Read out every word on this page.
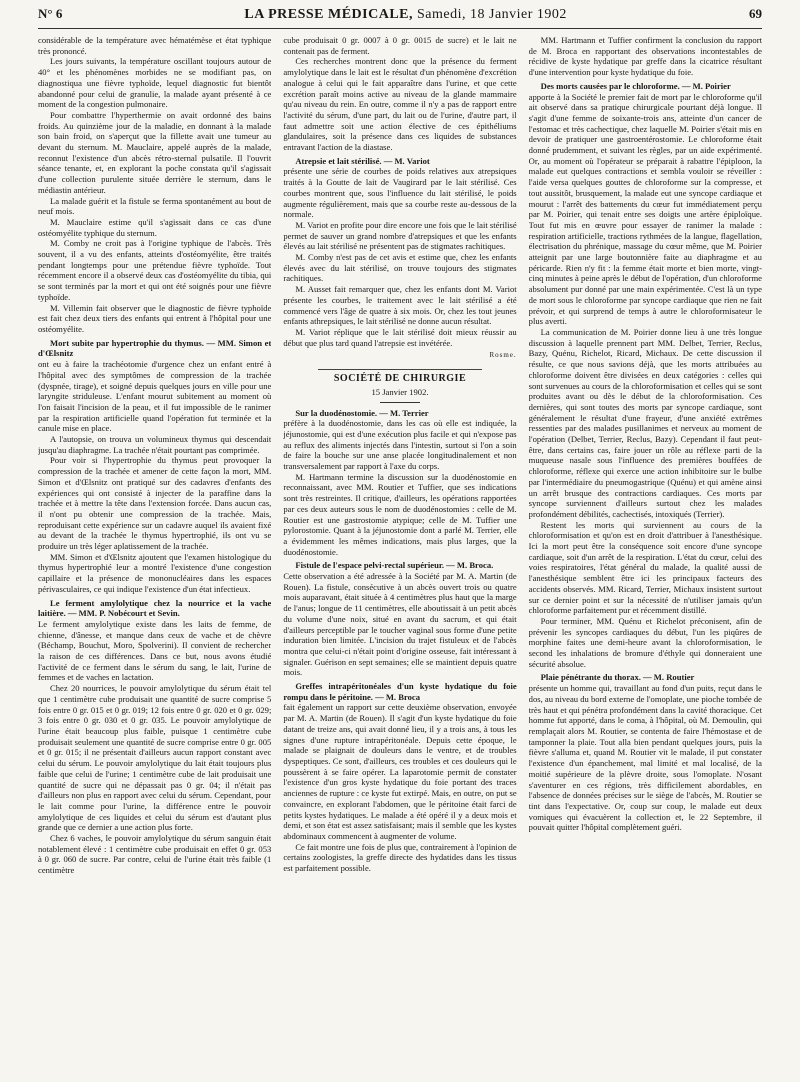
N° 6	LA PRESSE MÉDICALE, Samedi, 18 Janvier 1902	69

considérable de la température avec hématémèse et état typhique très prononcé.

Les jours suivants, la température oscillant toujours autour de 40° et les phénomènes morbides ne se modifiant pas, on diagnostiqua une fièvre typhoïde, lequel diagnostic fut bientôt abandonné pour celui de granulie, la malade ayant présenté à ce moment de la congestion pulmonaire.

Pour combattre l'hyperthermie on avait ordonné des bains froids. Au quinzième jour de la maladie, en donnant à la malade son bain froid, on s'aperçut que la fillette avait une tumeur au devant du sternum. M. Mauclaire, appelé auprès de la malade, reconnut l'existence d'un abcès rétro-sternal pulsatile. Il l'ouvrit séance tenante, et, en explorant la poche constata qu'il s'agissait d'une collection purulente située derrière le sternum, dans le médiastin antérieur.

La malade guérit et la fistule se ferma spontanément au bout de neuf mois.

M. Mauclaire estime qu'il s'agissait dans ce cas d'une ostéomyélite typhique du sternum.

M. Comby ne croit pas à l'origine typhique de l'abcès. Très souvent, il a vu des enfants, atteints d'ostéomyélite, être traités pendant longtemps pour une prétendue fièvre typhoïde. Tout récemment encore il a observé deux cas d'ostéomyélite du tibia, qui se sont terminés par la mort et qui ont été soignés pour une fièvre typhoïde.

M. Villemin fait observer que le diagnostic de fièvre typhoïde est fait chez deux tiers des enfants qui entrent à l'hôpital pour une ostéomyélite.

Mort subite par hypertrophie du thymus. — MM. Simon et d'Œlsnitz

ont eu à faire la trachéotomie d'urgence chez un enfant entré à l'hôpital avec des symptômes de compression de la trachée (dyspnée, tirage), et soigné depuis quelques jours en ville pour une laryngite striduleuse. L'enfant mourut subitement au moment où l'on faisait l'incision de la peau, et il fut impossible de le ranimer par la respiration artificielle quand l'opération fut terminée et la canule mise en place.

A l'autopsie, on trouva un volumineux thymus qui descendait jusqu'au diaphragme. La trachée n'était pourtant pas comprimée.

Pour voir si l'hypertrophie du thymus peut provoquer la compression de la trachée et amener de cette façon la mort, MM. Simon et d'Œlsnitz ont pratiqué sur des cadavres d'enfants des expériences qui ont consisté à injecter de la paraffine dans la trachée et à mettre la tête dans l'extension forcée. Dans aucun cas, il n'ont pu obtenir une compression de la trachée. Mais, reproduisant cette expérience sur un cadavre auquel ils avaient fixé au devant de la trachée le thymus hypertrophié, ils ont vu se produire un très léger aplatissement de la trachée.

MM. Simon et d'Œlsnitz ajoutent que l'examen histologique du thymus hypertrophié leur a montré l'existence d'une congestion capillaire et la présence de mononucléaires dans les espaces périvasculaires, ce qui indique l'existence d'un état infectieux.

Le ferment amylolytique chez la nourrice et la vache laitière. — MM. P. Nobécourt et Sevin.

Le ferment amylolytique existe dans les laits de femme, de chienne, d'ânesse, et manque dans ceux de vache et de chèvre (Béchamp, Bouchut, Moro, Spolverini). Il convient de rechercher la raison de ces différences. Dans ce but, nous avons étudié l'activité de ce ferment dans le sérum du sang, le lait, l'urine de femmes et de vaches en lactation.

Chez 20 nourrices, le pouvoir amylolytique du sérum était tel que 1 centimètre cube produisait une quantité de sucre comprise 5 fois entre 0 gr. 015 et 0 gr. 019; 12 fois entre 0 gr. 020 et 0 gr. 029; 3 fois entre 0 gr. 030 et 0 gr. 035. Le pouvoir amylolytique de l'urine était beaucoup plus faible, puisque 1 centimètre cube produisait seulement une quantité de sucre comprise entre 0 gr. 005 et 0 gr. 015; il ne présentait d'ailleurs aucun rapport constant avec celui du sérum. Le pouvoir amylolytique du lait était toujours plus faible que celui de l'urine; 1 centimètre cube de lait produisait une quantité de sucre qui ne dépassait pas 0 gr. 04; il n'était pas d'ailleurs non plus en rapport avec celui du sérum. Cependant, pour le lait comme pour l'urine, la différence entre le pouvoir amylolytique de ces liquides et celui du sérum est d'autant plus grande que ce dernier a une action plus forte.

Chez 6 vaches, le pouvoir amylolytique du sérum sanguin était notablement élevé : 1 centimètre cube produisait en effet 0 gr. 053 à 0 gr. 060 de sucre. Par contre, celui de l'urine était très faible (1 centimètre

cube produisait 0 gr. 0007 à 0 gr. 0015 de sucre) et le lait ne contenait pas de ferment.

Ces recherches montrent donc que la présence du ferment amylolytique dans le lait est le résultat d'un phénomène d'excrétion analogue à celui qui le fait apparaître dans l'urine, et que cette excrétion paraît moins active au niveau de la glande mammaire qu'au niveau du rein. En outre, comme il n'y a pas de rapport entre l'activité du sérum, d'une part, du lait ou de l'urine, d'autre part, il faut admettre soit une action élective de ces épithéliums glandulaires, soit la présence dans ces liquides de substances entravant l'action de la diastase.

Atrepsie et lait stérilisé. — M. Variot

présente une série de courbes de poids relatives aux atrepsiques traités à la Goutte de lait de Vaugirard par le lait stérilisé. Ces courbes montrent que, sous l'influence du lait stérilisé, le poids augmente régulièrement, mais que sa courbe reste au-dessous de la normale.

M. Variot en profite pour dire encore une fois que le lait stérilisé permet de sauver un grand nombre d'atrepsiques et que les enfants élevés au lait stérilisé ne présentent pas de stigmates rachitiques.

M. Comby n'est pas de cet avis et estime que, chez les enfants élevés avec du lait stérilisé, on trouve toujours des stigmates rachitiques.

M. Ausset fait remarquer que, chez les enfants dont M. Variot présente les courbes, le traitement avec le lait stérilisé a été commencé vers l'âge de quatre à six mois. Or, chez les tout jeunes enfants athrepsiques, le lait stérilisé ne donne aucun résultat.

M. Variot réplique que le lait stérilisé doit mieux réussir au début que plus tard quand l'atrepsie est invétérée.

Rosme.
SOCIÉTÉ DE CHIRURGIE
15 Janvier 1902.
Sur la duodénostomie. — M. Terrier

préfère à la duodénostomie, dans les cas où elle est indiquée, la jéjunostomie, qui est d'une exécution plus facile et qui n'expose pas au reflux des aliments injectés dans l'intestin, surtout si l'on a soin de faire la bouche sur une anse placée longitudinalement et non transversalement par rapport à l'axe du corps.

M. Hartmann termine la discussion sur la duodénostomie en reconnaissant, avec MM. Routier et Tuffier, que ses indications sont très restreintes. Il critique, d'ailleurs, les opérations rapportées par ces deux auteurs sous le nom de duodénostomies : celle de M. Routier est une gastrostomie atypique; celle de M. Tuffier une pylorostomie. Quant à la jéjunostomie dont a parlé M. Terrier, elle a évidemment les mêmes indications, mais plus larges, que la duodénostomie.

Fistule de l'espace pelvi-rectal supérieur. — M. Brocа.

Cette observation a été adressée à la Société par M. A. Martin (de Rouen). La fistule, consécutive à un abcès ouvert trois ou quatre mois auparavant, était située à 4 centimètres plus haut que la marge de l'anus; longue de 11 centimètres, elle aboutissait à un petit abcès du volume d'une noix, situé en avant du sacrum, et qui était d'ailleurs perceptible par le toucher vaginal sous forme d'une petite induration bien limitée. L'incision du trajet fistuleux et de l'abcès montra que celui-ci n'était point d'origine osseuse, fait intéressant à signaler. Guérison en sept semaines; elle se maintient depuis quatre mois.

Greffes intrapéritonéales d'un kyste hydatique du foie rompu dans le péritoine. — M. Broca

fait également un rapport sur cette deuxième observation, envoyée par M. A. Martin (de Rouen). Il s'agit d'un kyste hydatique du foie datant de treize ans, qui avait donné lieu, il y a trois ans, à tous les signes d'une rupture intrapéritonéale. Depuis cette époque, le malade se plaignait de douleurs dans le ventre, et de troubles dyspeptiques. Ce sont, d'ailleurs, ces troubles et ces douleurs qui le poussèrent à se faire opérer. La laparotomie permit de constater l'existence d'un gros kyste hydatique du foie portant des traces anciennes de rupture : ce kyste fut extirpé. Mais, en outre, on put se convaincre, en explorant l'abdomen, que le péritoine était farci de petits kystes hydatiques. Le malade a été opéré il y a deux mois et demi, et son état est assez satisfaisant; mais il semble que les kystes abdominaux commencent à augmenter de volume.

Ce fait montre une fois de plus que, contrairement à l'opinion de certains zoologistes, la greffe directe des hydatides dans les tissus est parfaitement possible.

MM. Hartmann et Tuffier confirment la conclusion du rapport de M. Broca en rapportant des observations incontestables de récidive de kyste hydatique par greffe dans la cicatrice résultant d'une intervention pour kyste hydatique du foie.

Des morts causées par le chloroforme. — M. Poirier

apporte à la Société le premier fait de mort par le chloroforme qu'il ait observé dans sa pratique chirurgicale pourtant déjà longue. Il s'agit d'une femme de soixante-trois ans, atteinte d'un cancer de l'estomac et très cachectique, chez laquelle M. Poirier s'était mis en devoir de pratiquer une gastroentérostomie. Le chloroforme était donné prudemment, et suivant les règles, par un aide expérimenté. Or, au moment où l'opérateur se préparait à rabattre l'épiploon, la malade eut quelques contractions et sembla vouloir se réveiller : l'aide versa quelques gouttes de chloroforme sur la compresse, et tout aussitôt, brusquement, la malade eut une syncope cardiaque et mourut : l'arrêt des battements du cœur fut immédiatement perçu par M. Poirier, qui tenait entre ses doigts une artère épiploïque. Tout fut mis en œuvre pour essayer de ranimer la malade : respiration artificielle, tractions rythmées de la langue, flagellation, électrisation du phrénique, massage du cœur même, que M. Poirier atteignit par une large boutonnière faite au diaphragme et au péricarde. Rien n'y fit : la femme était morte et bien morte, vingt-cinq minutes à peine après le début de l'opération, d'un chloroforme absolument pur donné par une main expérimentée. C'est là un type de mort sous le chloroforme par syncope cardiaque que rien ne fait prévoir, et qui surprend de temps à autre le chloroformisateur le plus averti.

La communication de M. Poirier donne lieu à une très longue discussion à laquelle prennent part MM. Delbet, Terrier, Reclus, Bazy, Quénu, Richelot, Ricard, Michaux. De cette discussion il résulte, ce que nous savions déjà, que les morts attribuées au chloroforme doivent être divisées en deux catégories : celles qui sont survenues au cours de la chloroformisation et celles qui se sont produites avant ou dès le début de la chloroformisation. Ces dernières, qui sont toutes des morts par syncope cardiaque, sont généralement le résultat d'une frayeur, d'une anxiété extrêmes ressenties par des malades pusillanimes et nerveux au moment de l'opération (Delbet, Terrier, Reclus, Bazy). Cependant il faut peut-être, dans certains cas, faire jouer un rôle au réflexe parti de la muqueuse nasale sous l'influence des premières bouffées de chloroforme, réflexe qui exerce une action inhibitoire sur le bulbe par l'intermédiaire du pneumogastrique (Quénu) et qui amène ainsi un arrêt brusque des contractions cardiaques. Ces morts par syncope surviennent d'ailleurs surtout chez les malades profondément débilités, cachectisés, intoxiqués (Terrier).

Restent les morts qui surviennent au cours de la chloroformisation et qu'on est en droit d'attribuer à l'anesthésique. Ici la mort peut être la conséquence soit encore d'une syncope cardiaque, soit d'un arrêt de la respiration. L'état du cœur, celui des voies respiratoires, l'état général du malade, la qualité aussi de l'anesthésique semblent être ici les principaux facteurs des accidents observés. MM. Ricard, Terrier, Michaux insistent surtout sur ce dernier point et sur la nécessité de n'utiliser jamais qu'un chloroforme parfaitement pur et récemment distillé.

Pour terminer, MM. Quénu et Richelot préconisent, afin de prévenir les syncopes cardiaques du début, l'un les piqûres de morphine faites une demi-heure avant la chloroformisation, le second les inhalations de bromure d'éthyle qui donneraient une sécurité absolue.

Plaie pénétrante du thorax. — M. Routier

présente un homme qui, travaillant au fond d'un puits, reçut dans le dos, au niveau du bord externe de l'omoplate, une pioche tombée de très haut et qui pénétra profondément dans la cavité thoracique. Cet homme fut apporté, dans le coma, à l'hôpital, où M. Demoulin, qui remplaçait alors M. Routier, se contenta de faire l'hémostase et de tamponner la plaie. Tout alla bien pendant quelques jours, puis la fièvre s'alluma et, quand M. Routier vit le malade, il put constater l'existence d'un épanchement, mal limité et mal localisé, de la moitié supérieure de la plèvre droite, sous l'omoplate. N'osant s'aventurer en ces régions, très difficilement abordables, en l'absence de données précises sur le siège de l'abcès, M. Routier se tint dans l'expectative. Or, coup sur coup, le malade eut deux vomiques qui évacuèrent la collection et, le 22 Septembre, il pouvait quitter l'hôpital complètement guéri.
